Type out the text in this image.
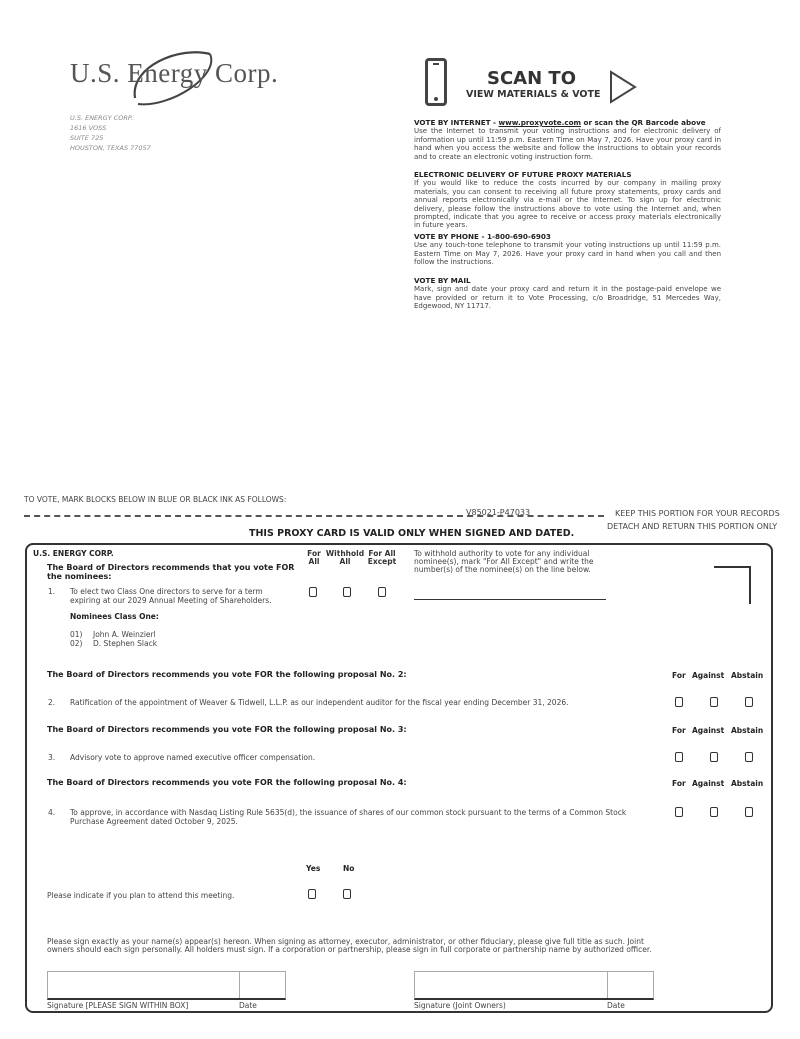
U.S. Energy Corp.
U.S. ENERGY CORP.
1616 VOSS
SUITE 725
HOUSTON, TEXAS 77057
SCAN TO
VIEW MATERIALS & VOTE
VOTE BY INTERNET - www.proxyvote.com or scan the QR Barcode above

Use the Internet to transmit your voting instructions and for electronic delivery of information up until 11:59 p.m. Eastern Time on May 7, 2026. Have your proxy card in hand when you access the website and follow the instructions to obtain your records and to create an electronic voting instruction form.

ELECTRONIC DELIVERY OF FUTURE PROXY MATERIALS

If you would like to reduce the costs incurred by our company in mailing proxy materials, you can consent to receiving all future proxy statements, proxy cards and annual reports electronically via e-mail or the Internet. To sign up for electronic delivery, please follow the instructions above to vote using the Internet and, when prompted, indicate that you agree to receive or access proxy materials electronically in future years.

VOTE BY PHONE - 1-800-690-6903

Use any touch-tone telephone to transmit your voting instructions up until 11:59 p.m. Eastern Time on May 7, 2026. Have your proxy card in hand when you call and then follow the instructions.

VOTE BY MAIL

Mark, sign and date your proxy card and return it in the postage-paid envelope we have provided or return it to Vote Processing, c/o Broadridge, 51 Mercedes Way, Edgewood, NY 11717.

TO VOTE, MARK BLOCKS BELOW IN BLUE OR BLACK INK AS FOLLOWS:
V85021-P47033	KEEP THIS PORTION FOR YOUR RECORDS
DETACH AND RETURN THIS PORTION ONLY
THIS PROXY CARD IS VALID ONLY WHEN SIGNED AND DATED.
U.S. ENERGY CORP.
The Board of Directors recommends that you vote FOR
the nominees:
For
All
Withhold
All
For All
Except
1. To elect two Class One directors to serve for a term
expiring at our 2029 Annual Meeting of Shareholders.
Nominees Class One:
01) John A. Weinzierl
02) D. Stephen Slack
To withhold authority to vote for any individual
nominee(s), mark "For All Except" and write the
number(s) of the nominee(s) on the line below.
The Board of Directors recommends you vote FOR the following proposal No. 2:	For Against Abstain
2. Ratification of the appointment of Weaver & Tidwell, L.L.P. as our independent auditor for the fiscal year ending December 31, 2026.
The Board of Directors recommends you vote FOR the following proposal No. 3:	For Against Abstain
3. Advisory vote to approve named executive officer compensation.
The Board of Directors recommends you vote FOR the following proposal No. 4:	For Against Abstain
4. To approve, in accordance with Nasdaq Listing Rule 5635(d), the issuance of shares of our common stock pursuant to the terms of a Common Stock
Purchase Agreement dated October 9, 2025.
Yes	No
Please indicate if you plan to attend this meeting.
Please sign exactly as your name(s) appear(s) hereon. When signing as attorney, executor, administrator, or other fiduciary, please give full title as such. Joint
owners should each sign personally. All holders must sign. If a corporation or partnership, please sign in full corporate or partnership name by authorized officer.
Signature [PLEASE SIGN WITHIN BOX]	Date	Signature (Joint Owners)	Date
